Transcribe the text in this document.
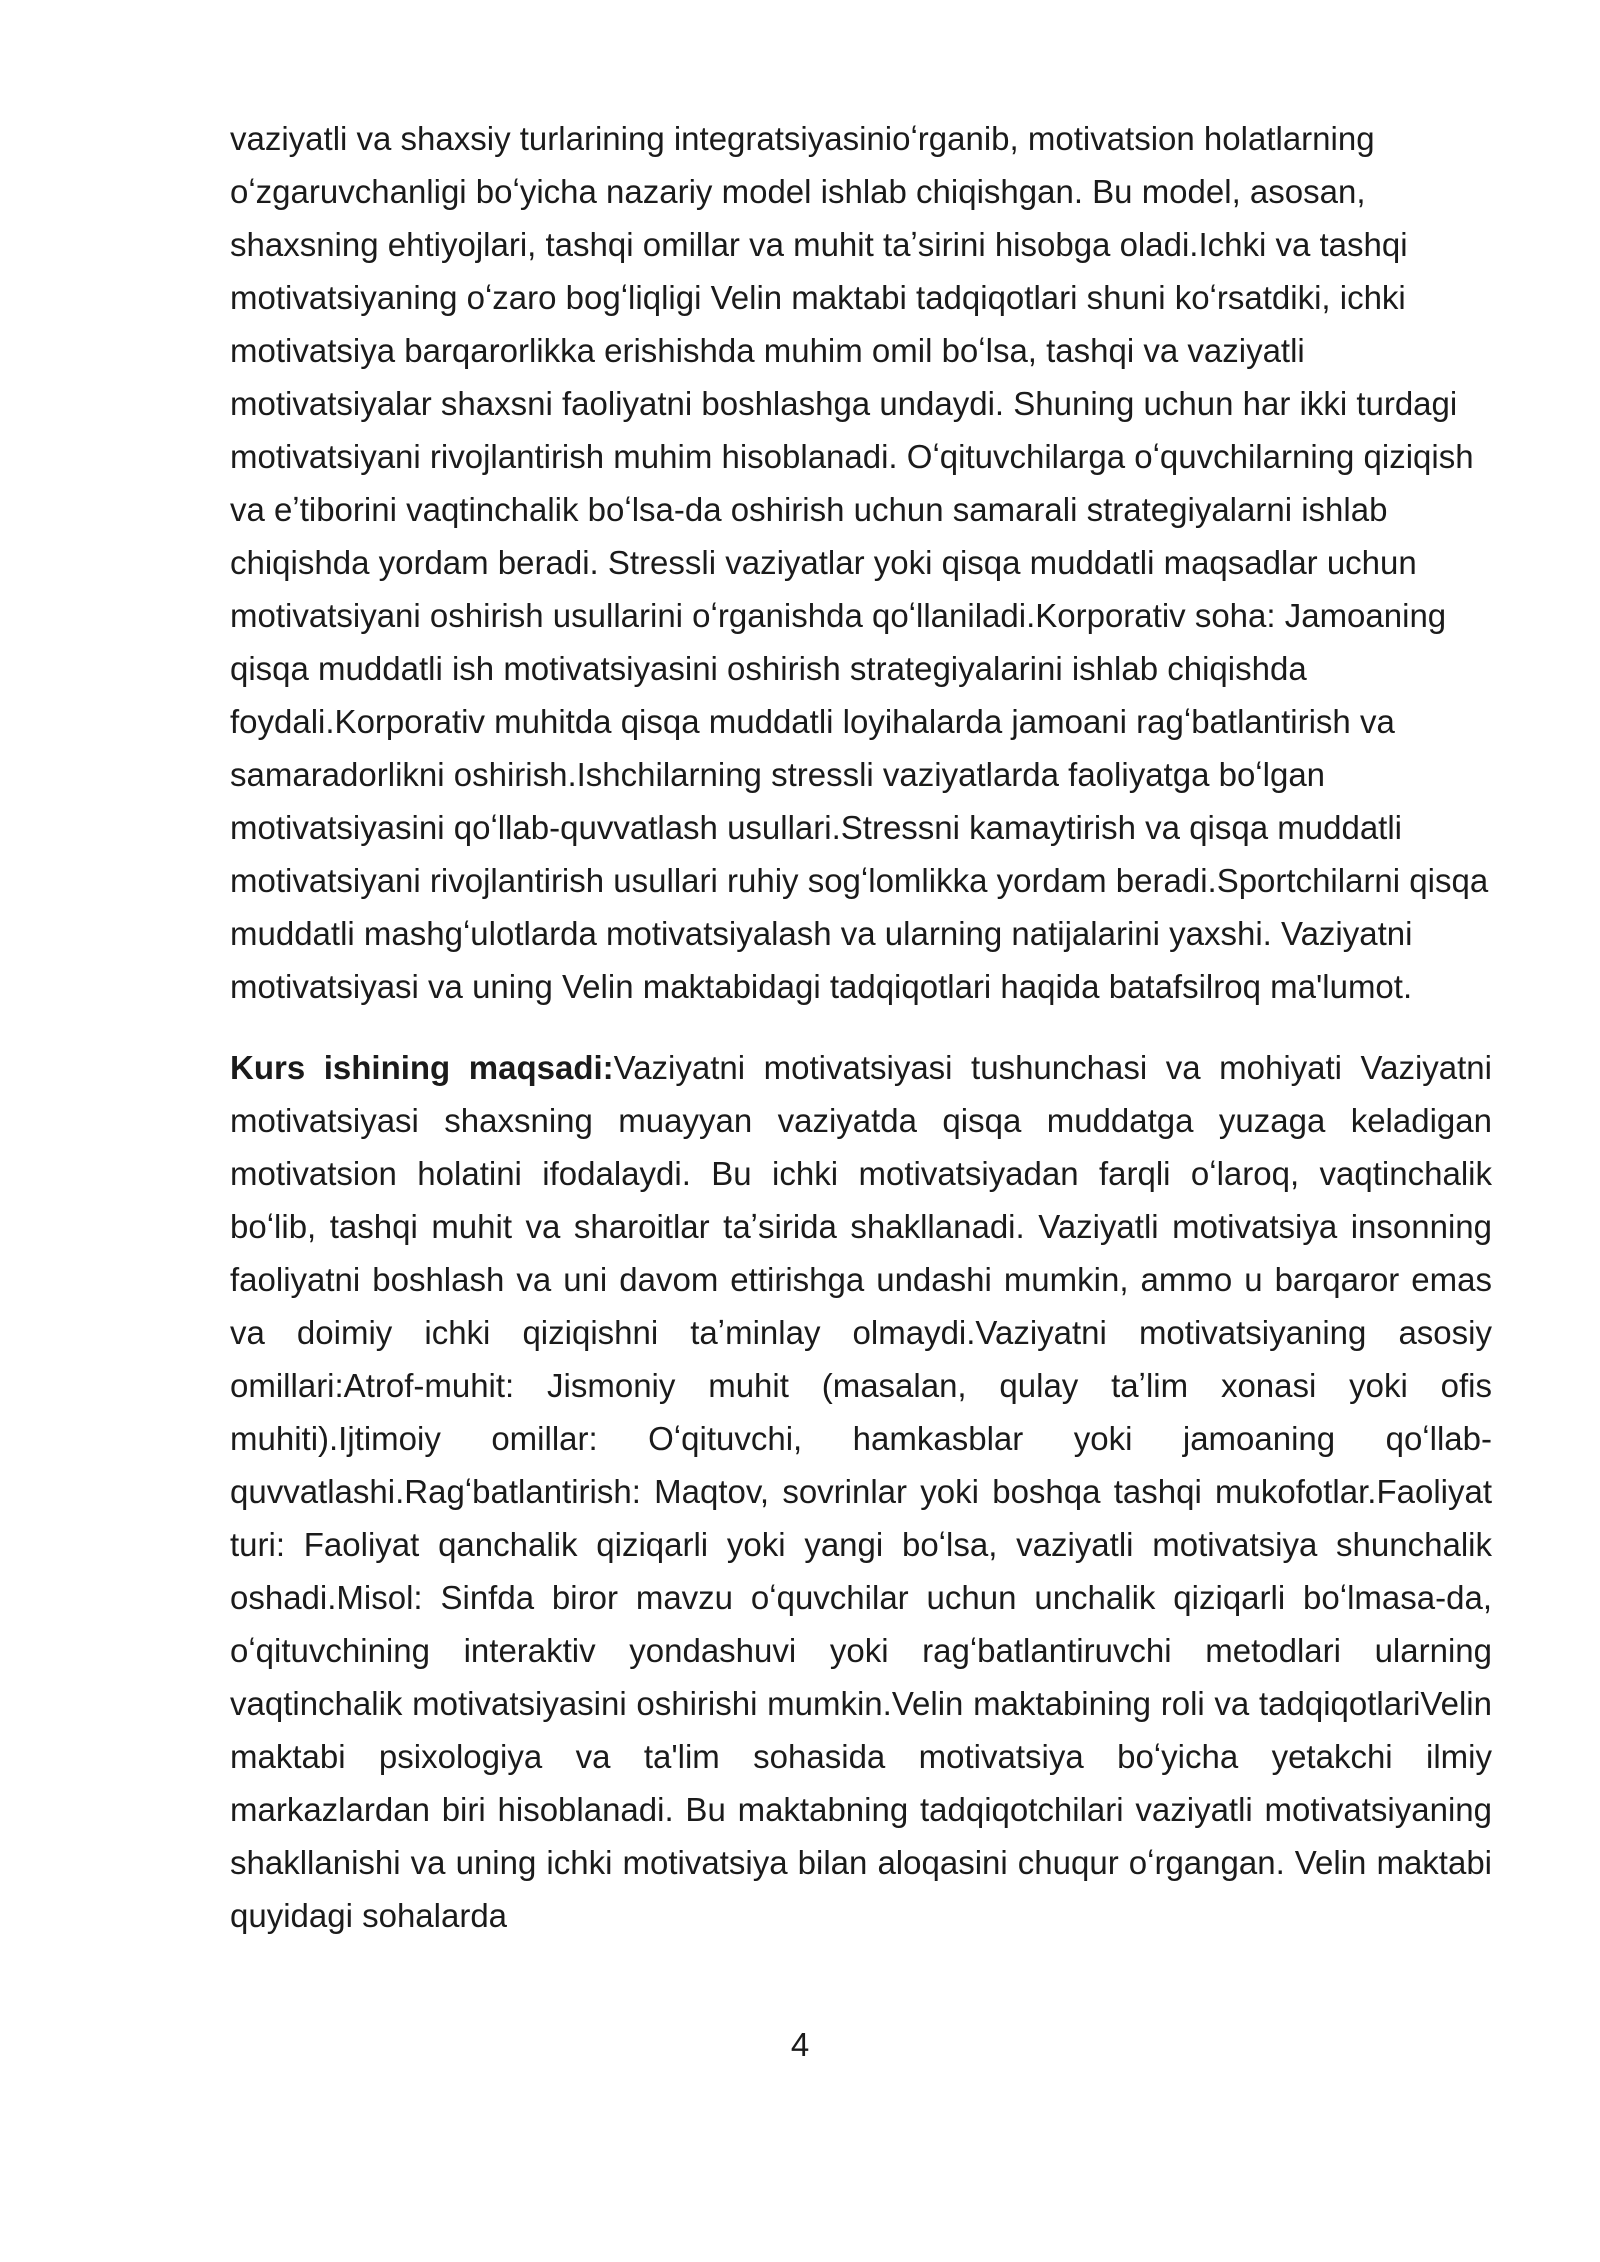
vaziyatli va shaxsiy turlarining integratsiyasinioʻrganib, motivatsion holatlarning oʻzgaruvchanligi boʻyicha nazariy model ishlab chiqishgan. Bu model, asosan, shaxsning ehtiyojlari, tashqi omillar va muhit taʼsirini hisobga oladi.Ichki va tashqi motivatsiyaning oʻzaro bogʻliqligi Velin maktabi tadqiqotlari shuni koʻrsatdiki, ichki motivatsiya barqarorlikka erishishda muhim omil boʻlsa, tashqi va vaziyatli motivatsiyalar shaxsni faoliyatni boshlashga undaydi. Shuning uchun har ikki turdagi motivatsiyani rivojlantirish muhim hisoblanadi. Oʻqituvchilarga oʻquvchilarning qiziqish va eʼtiborini vaqtinchalik boʻlsa-da oshirish uchun samarali strategiyalarni ishlab chiqishda yordam beradi. Stressli vaziyatlar yoki qisqa muddatli maqsadlar uchun motivatsiyani oshirish usullarini oʻrganishda qoʻllaniladi.Korporativ soha: Jamoaning qisqa muddatli ish motivatsiyasini oshirish strategiyalarini ishlab chiqishda foydali.Korporativ muhitda qisqa muddatli loyihalarda jamoani ragʻbatlantirish va samaradorlikni oshirish.Ishchilarning stressli vaziyatlarda faoliyatga boʻlgan motivatsiyasini qoʻllab-quvvatlash usullari.Stressni kamaytirish va qisqa muddatli motivatsiyani rivojlantirish usullari ruhiy sogʻlomlikka yordam beradi.Sportchilarni qisqa muddatli mashgʻulotlarda motivatsiyalash va ularning natijalarini yaxshi. Vaziyatni motivatsiyasi va uning Velin maktabidagi tadqiqotlari haqida batafsilroq ma'lumot.

Kurs ishining maqsadi:Vaziyatni motivatsiyasi tushunchasi va mohiyati Vaziyatni motivatsiyasi shaxsning muayyan vaziyatda qisqa muddatga yuzaga keladigan motivatsion holatini ifodalaydi. Bu ichki motivatsiyadan farqli oʻlaroq, vaqtinchalik boʻlib, tashqi muhit va sharoitlar taʼsirida shakllanadi. Vaziyatli motivatsiya insonning faoliyatni boshlash va uni davom ettirishga undashi mumkin, ammo u barqaror emas va doimiy ichki qiziqishni taʼminlay olmaydi.Vaziyatni motivatsiyaning asosiy omillari:Atrof-muhit: Jismoniy muhit (masalan, qulay taʼlim xonasi yoki ofis muhiti).Ijtimoiy omillar: Oʻqituvchi, hamkasblar yoki jamoaning qoʻllab-quvvatlashi.Ragʻbatlantirish: Maqtov, sovrinlar yoki boshqa tashqi mukofotlar.Faoliyat turi: Faoliyat qanchalik qiziqarli yoki yangi boʻlsa, vaziyatli motivatsiya shunchalik oshadi.Misol: Sinfda biror mavzu oʻquvchilar uchun unchalik qiziqarli boʻlmasa-da, oʻqituvchining interaktiv yondashuvi yoki ragʻbatlantiruvchi metodlari ularning vaqtinchalik motivatsiyasini oshirishi mumkin.Velin maktabining roli va tadqiqotlariVelin maktabi psixologiya va ta'lim sohasida motivatsiya boʻyicha yetakchi ilmiy markazlardan biri hisoblanadi. Bu maktabning tadqiqotchilari vaziyatli motivatsiyaning shakllanishi va uning ichki motivatsiya bilan aloqasini chuqur oʻrgangan. Velin maktabi quyidagi sohalarda

4
